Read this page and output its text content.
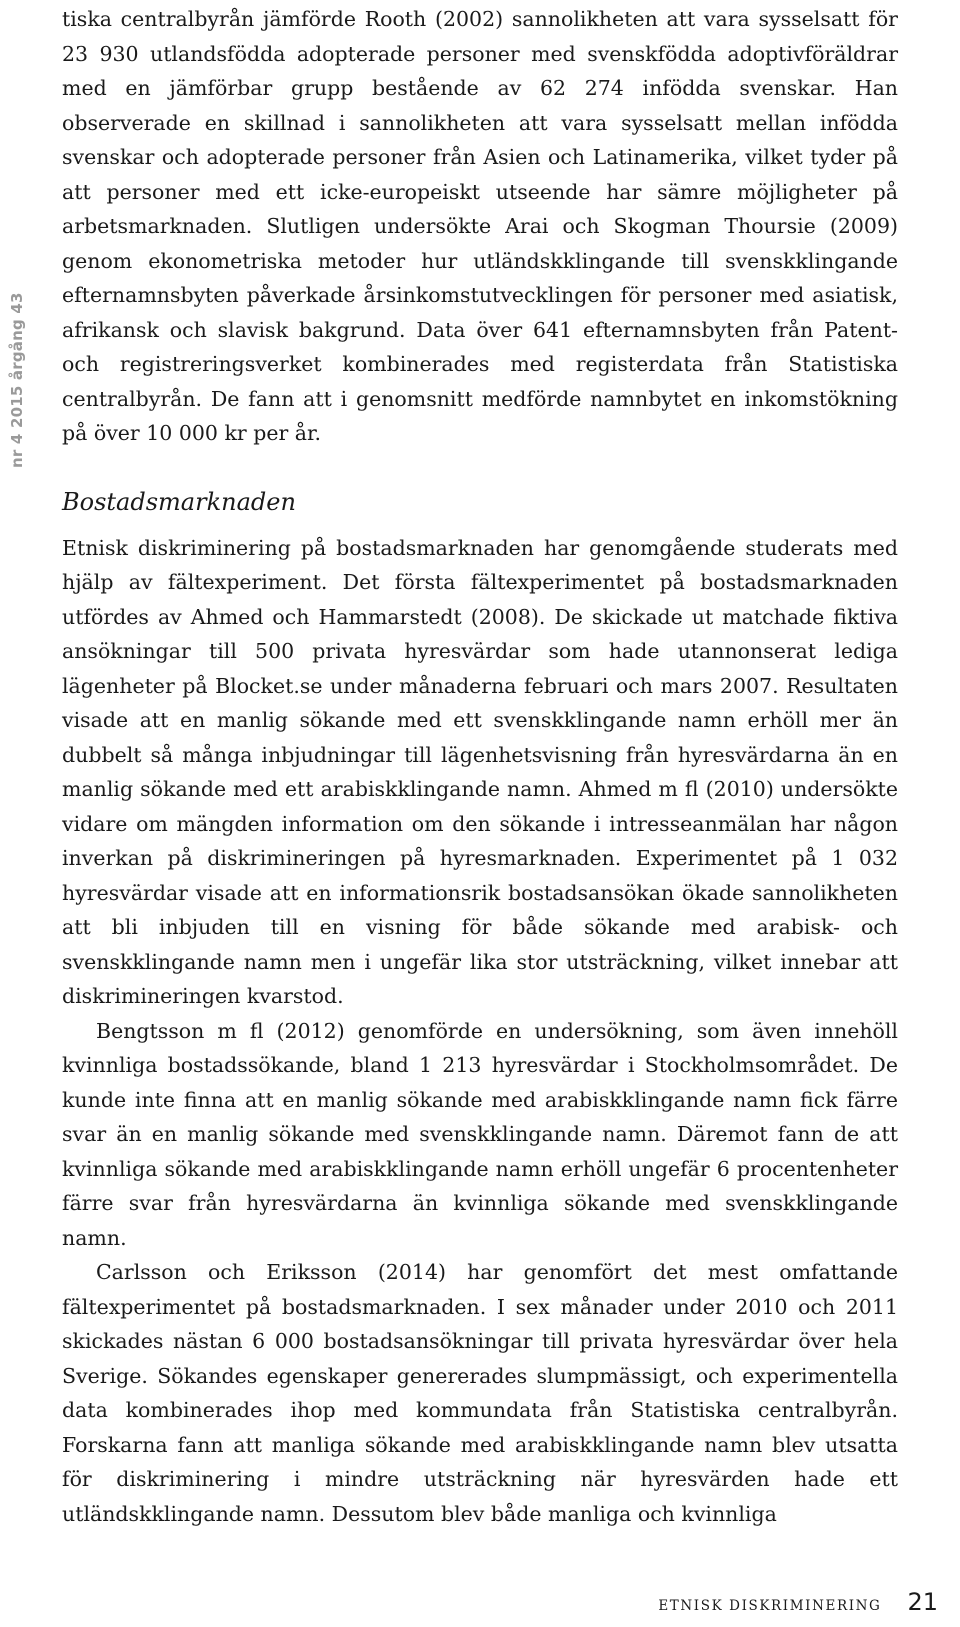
nr 4 2015 årgång 43

tiska centralbyrån jämförde Rooth (2002) sannolikheten att vara sysselsatt för 23 930 utlandsfödda adopterade personer med svenskfödda adoptivföräldrar med en jämförbar grupp bestående av 62 274 infödda svenskar. Han observerade en skillnad i sannolikheten att vara sysselsatt mellan infödda svenskar och adopterade personer från Asien och Latinamerika, vilket tyder på att personer med ett icke-europeiskt utseende har sämre möjligheter på arbetsmarknaden. Slutligen undersökte Arai och Skogman Thoursie (2009) genom ekonometriska metoder hur utländskklingande till svenskklingande efternamnsbyten påverkade årsinkomstutvecklingen för personer med asiatisk, afrikansk och slavisk bakgrund. Data över 641 efternamnsbyten från Patent- och registreringsverket kombinerades med registerdata från Statistiska centralbyrån. De fann att i genomsnitt medförde namnbytet en inkomstökning på över 10 000 kr per år.

Bostadsmarknaden

Etnisk diskriminering på bostadsmarknaden har genomgående studerats med hjälp av fältexperiment. Det första fältexperimentet på bostadsmarknaden utfördes av Ahmed och Hammarstedt (2008). De skickade ut matchade fiktiva ansökningar till 500 privata hyresvärdar som hade utannonserat lediga lägenheter på Blocket.se under månaderna februari och mars 2007. Resultaten visade att en manlig sökande med ett svenskklingande namn erhöll mer än dubbelt så många inbjudningar till lägenhetsvisning från hyresvärdarna än en manlig sökande med ett arabiskklingande namn. Ahmed m fl (2010) undersökte vidare om mängden information om den sökande i intresseanmälan har någon inverkan på diskrimineringen på hyresmarknaden. Experimentet på 1 032 hyresvärdar visade att en informationsrik bostadsansökan ökade sannolikheten att bli inbjuden till en visning för både sökande med arabisk- och svenskklingande namn men i ungefär lika stor utsträckning, vilket innebar att diskrimineringen kvarstod.

Bengtsson m fl (2012) genomförde en undersökning, som även innehöll kvinnliga bostadssökande, bland 1 213 hyresvärdar i Stockholmsområdet. De kunde inte finna att en manlig sökande med arabiskklingande namn fick färre svar än en manlig sökande med svenskklingande namn. Däremot fann de att kvinnliga sökande med arabiskklingande namn erhöll ungefär 6 procentenheter färre svar från hyresvärdarna än kvinnliga sökande med svenskklingande namn.

Carlsson och Eriksson (2014) har genomfört det mest omfattande fältexperimentet på bostadsmarknaden. I sex månader under 2010 och 2011 skickades nästan 6 000 bostadsansökningar till privata hyresvärdar över hela Sverige. Sökandes egenskaper genererades slumpmässigt, och experimentella data kombinerades ihop med kommundata från Statistiska centralbyrån. Forskarna fann att manliga sökande med arabiskklingande namn blev utsatta för diskriminering i mindre utsträckning när hyresvärden hade ett utländskklingande namn. Dessutom blev både manliga och kvinnliga

ETNISK DISKRIMINERING 21
